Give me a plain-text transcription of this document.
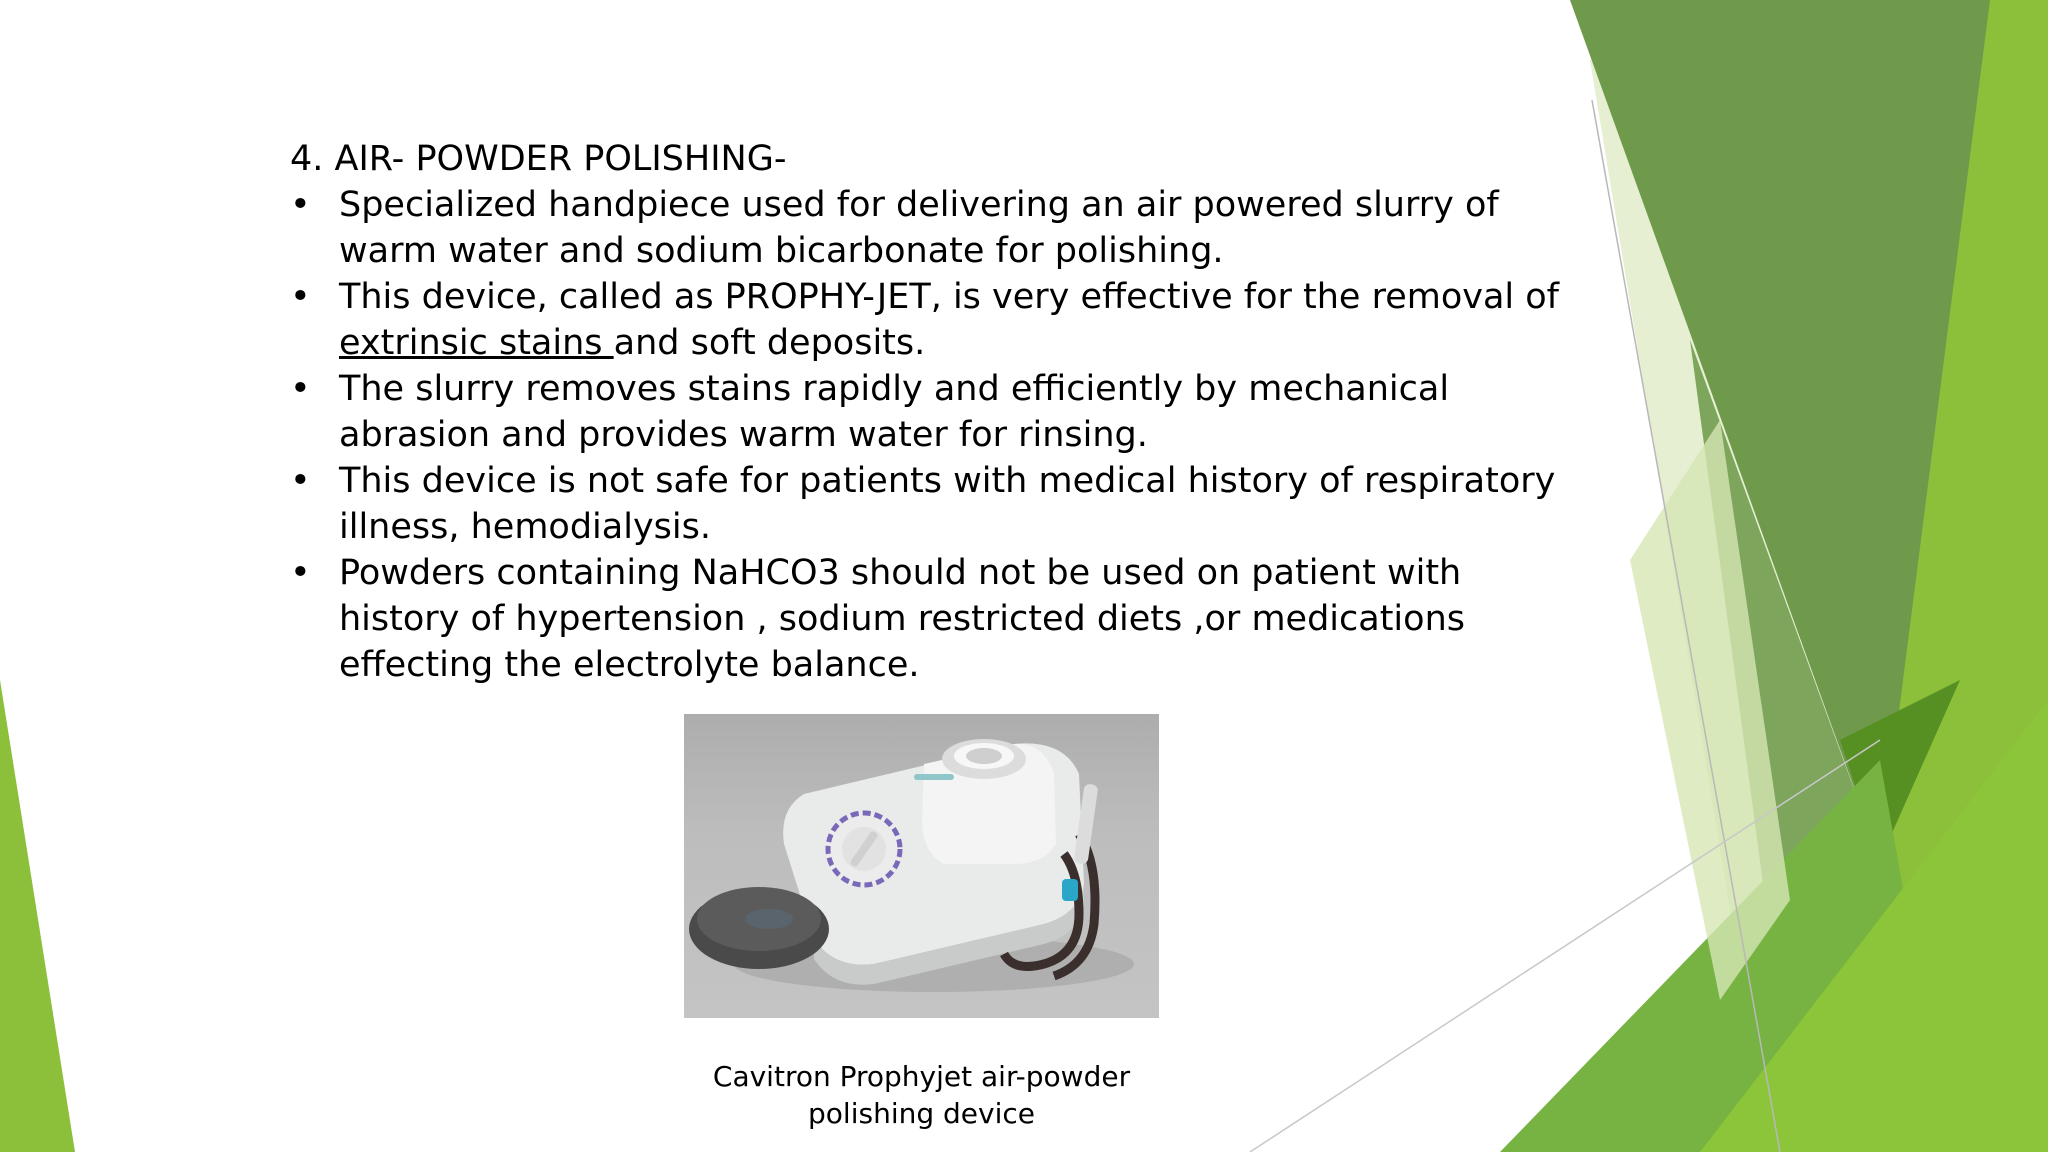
4. AIR- POWDER POLISHING-

• Specialized handpiece used for delivering an air powered slurry of warm water and sodium bicarbonate for polishing.
• This device, called as PROPHY-JET, is very effective for the removal of extrinsic stains and soft deposits.
• The slurry removes stains rapidly and efficiently by mechanical abrasion and provides warm water for rinsing.
• This device is not safe for patients with medical history of respiratory illness, hemodialysis.
• Powders containing NaHCO3 should not be used on patient with history of hypertension , sodium restricted diets ,or medications effecting the electrolyte balance.
Cavitron Prophyjet air-powder
polishing device
